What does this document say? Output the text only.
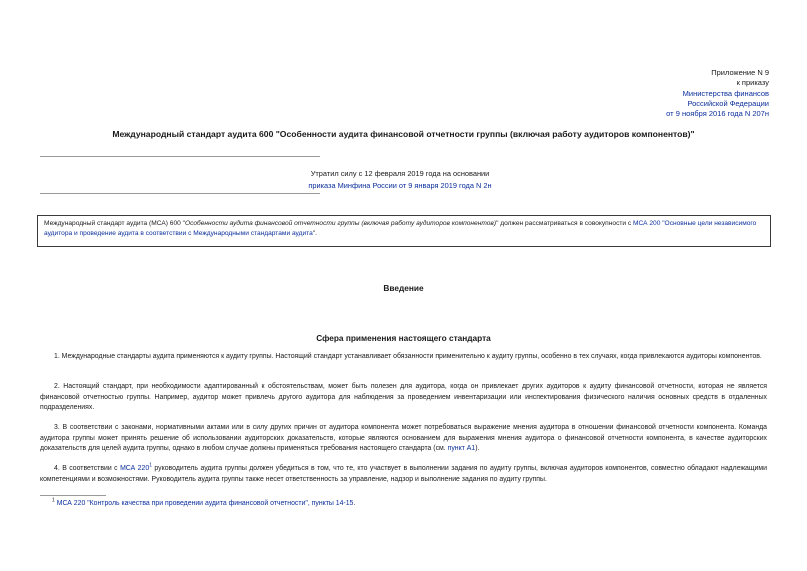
Приложение N 9
к приказу
Министерства финансов
Российской Федерации
от 9 ноября 2016 года N 207н
Международный стандарт аудита 600 "Особенности аудита финансовой отчетности группы (включая работу аудиторов компонентов)"
Утратил силу с 12 февраля 2019 года на основании
приказа Минфина России от 9 января 2019 года N 2н
Международный стандарт аудита (МСА) 600 "Особенности аудита финансовой отчетности группы (включая работу аудиторов компонентов)" должен рассматриваться в совокупности с МСА 200 "Основные цели независимого аудитора и проведение аудита в соответствии с Международными стандартами аудита".
Введение
Сфера применения настоящего стандарта
1. Международные стандарты аудита применяются к аудиту группы. Настоящий стандарт устанавливает обязанности применительно к аудиту группы, особенно в тех случаях, когда привлекаются аудиторы компонентов.
2. Настоящий стандарт, при необходимости адаптированный к обстоятельствам, может быть полезен для аудитора, когда он привлекает других аудиторов к аудиту финансовой отчетности, которая не является финансовой отчетностью группы. Например, аудитор может привлечь другого аудитора для наблюдения за проведением инвентаризации или инспектирования физического наличия основных средств в отдаленных подразделениях.
3. В соответствии с законами, нормативными актами или в силу других причин от аудитора компонента может потребоваться выражение мнения аудитора в отношении финансовой отчетности компонента. Команда аудитора группы может принять решение об использовании аудиторских доказательств, которые являются основанием для выражения мнения аудитора о финансовой отчетности компонента, в качестве аудиторских доказательств для целей аудита группы, однако в любом случае должны применяться требования настоящего стандарта (см. пункт A1).
4. В соответствии с МСА $220^1$ руководитель аудита группы должен убедиться в том, что те, кто участвует в выполнении задания по аудиту группы, включая аудиторов компонентов, совместно обладают надлежащими компетенциями и возможностями. Руководитель аудита группы также несет ответственность за управление, надзор и выполнение задания по аудиту группы.
$^1$ МСА 220 "Контроль качества при проведении аудита финансовой отчетности", пункты 14-15.
